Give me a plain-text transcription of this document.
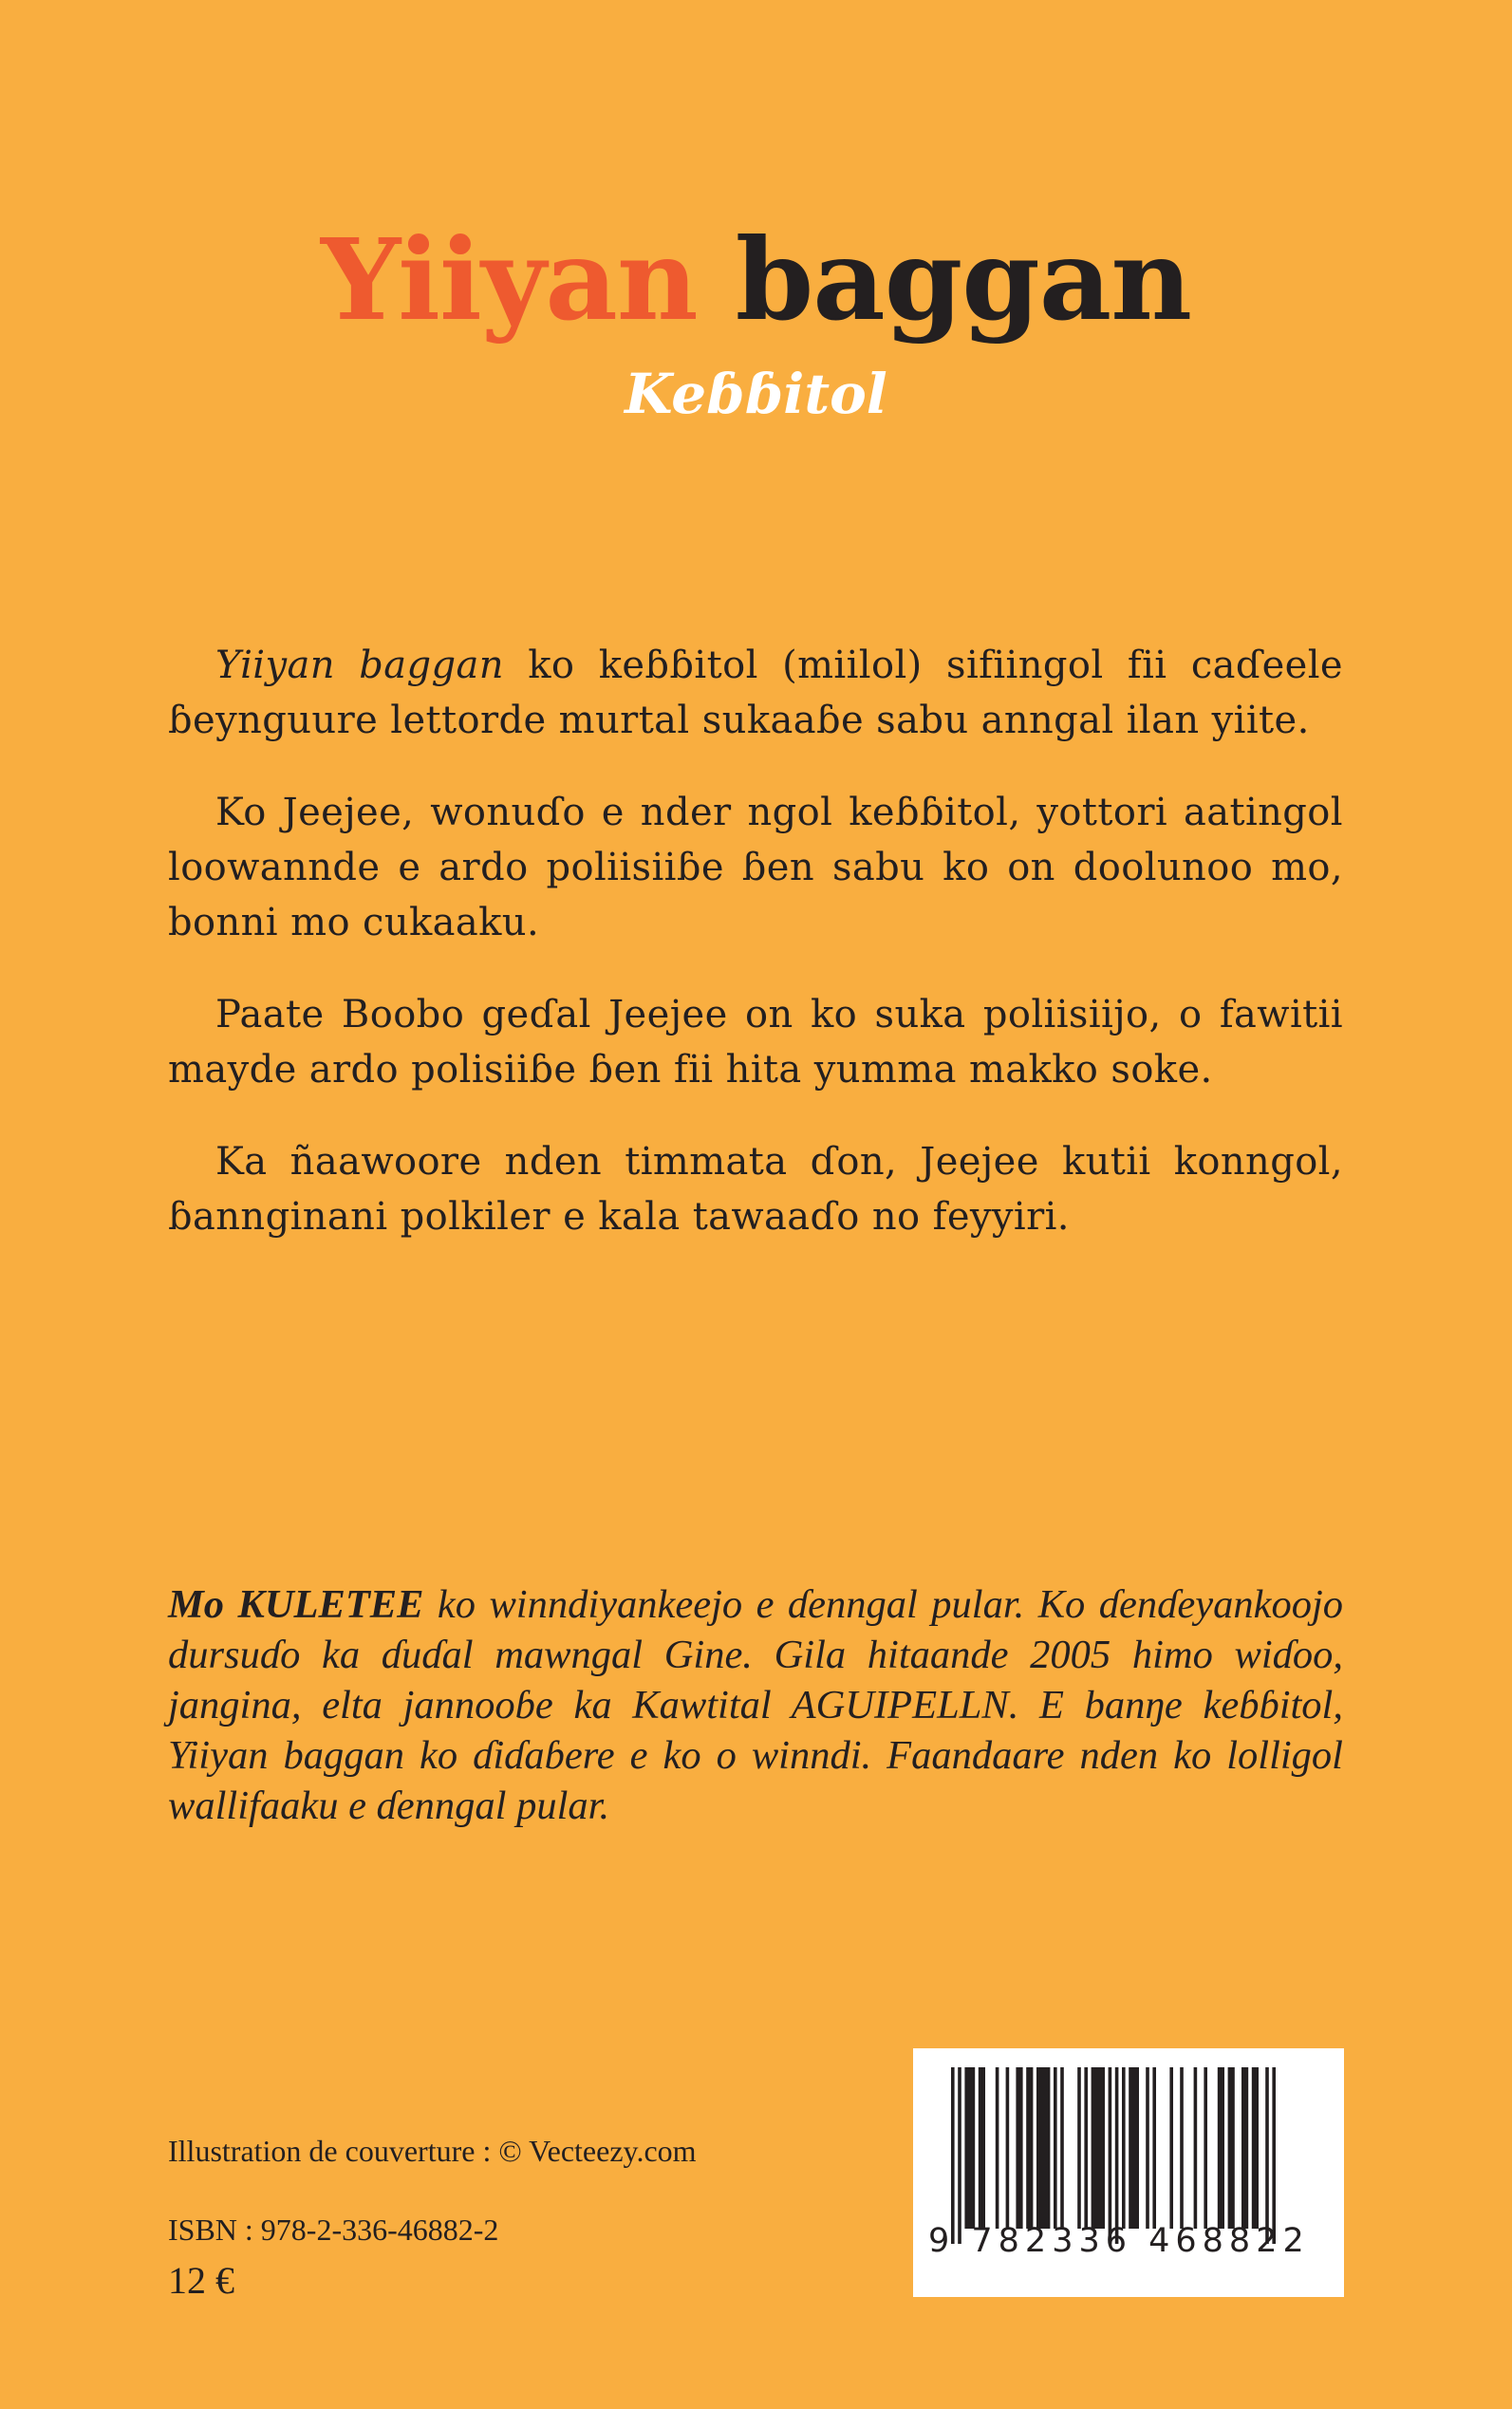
Yiiyan baggan
Keɓɓitol

Yiiyan baggan ko keɓɓitol (miilol) sifiingol fii caɗeele ɓeynguure lettorde murtal sukaaɓe sabu anngal ilan yiite.

Ko Jeejee, wonuɗo e nder ngol keɓɓitol, yottori aatingol loowannde e ardo poliisiiɓe ɓen sabu ko on doolunoo mo, bonni mo cukaaku.

Paate Boobo geɗal Jeejee on ko suka poliisiijo, o fawitii mayde ardo polisiiɓe ɓen fii hita yumma makko soke.

Ka ñaawoore nden timmata ɗon, Jeejee kutii konngol, ɓannginani polkiler e kala tawaaɗo no feyyiri.

Mo KULETEE ko winndiyankeejo e ɗenngal pular. Ko ɗenɗeyankoojo dursuɗo ka ɗuɗal mawngal Gine. Gila hitaande 2005 himo wiɗoo, jangina, elta jannooɓe ka Kawtital AGUIPELLN. E banŋe keɓɓitol, Yiiyan baggan ko ɗiɗaɓere e ko o winndi. Faandaare nden ko lolligol wallifaaku e ɗenngal pular.

Illustration de couverture : © Vecteezy.com

ISBN : 978-2-336-46882-2

12 €

9 782336 468822
